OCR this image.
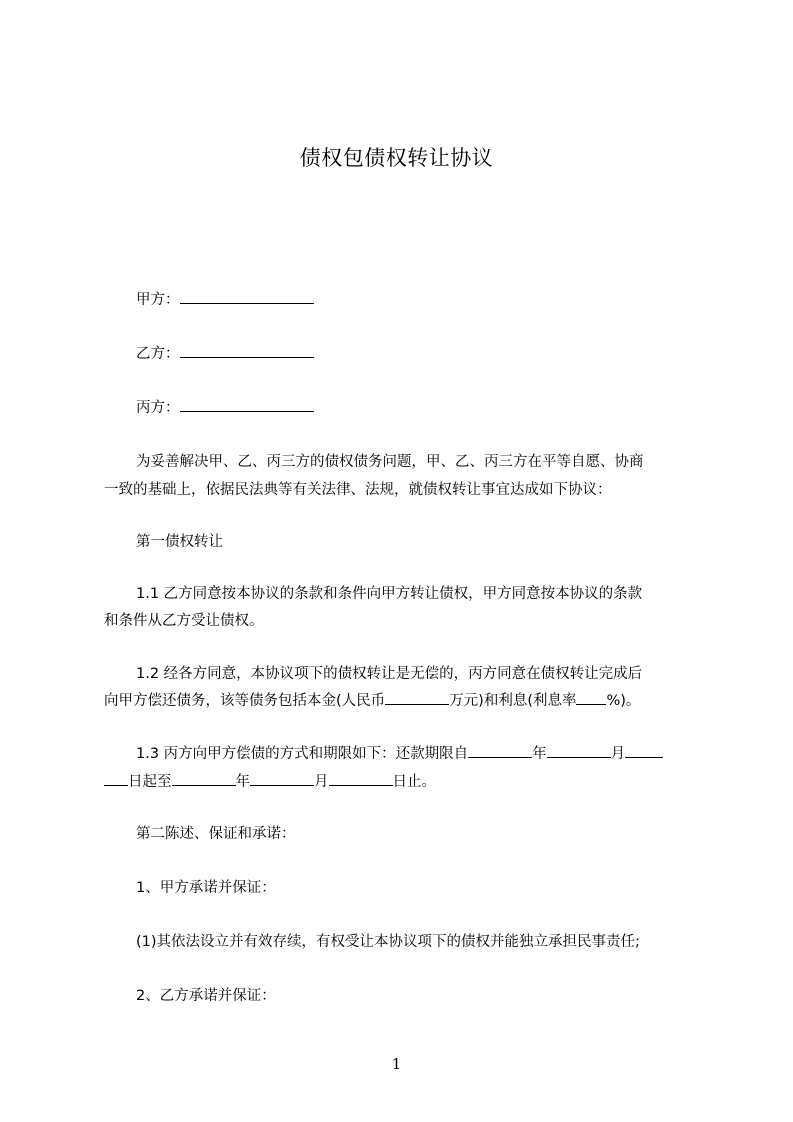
债权包债权转让协议

甲方：

乙方：

丙方：

为妥善解决甲、乙、丙三方的债权债务问题，甲、乙、丙三方在平等自愿、协商

一致的基础上，依据民法典等有关法律、法规，就债权转让事宜达成如下协议：

第一债权转让

1.1 乙方同意按本协议的条款和条件向甲方转让债权，甲方同意按本协议的条款

和条件从乙方受让债权。

1.2 经各方同意，本协议项下的债权转让是无偿的，丙方同意在债权转让完成后

向甲方偿还债务，该等债务包括本金(人民币	万元)和利息(利息率 %)。

1.3 丙方向甲方偿债的方式和期限如下：还款期限自	年	月

日起至	年	月	日止。

第二陈述、保证和承诺：

1、甲方承诺并保证：

(1)其依法设立并有效存续，有权受让本协议项下的债权并能独立承担民事责任;

2、乙方承诺并保证：

1
